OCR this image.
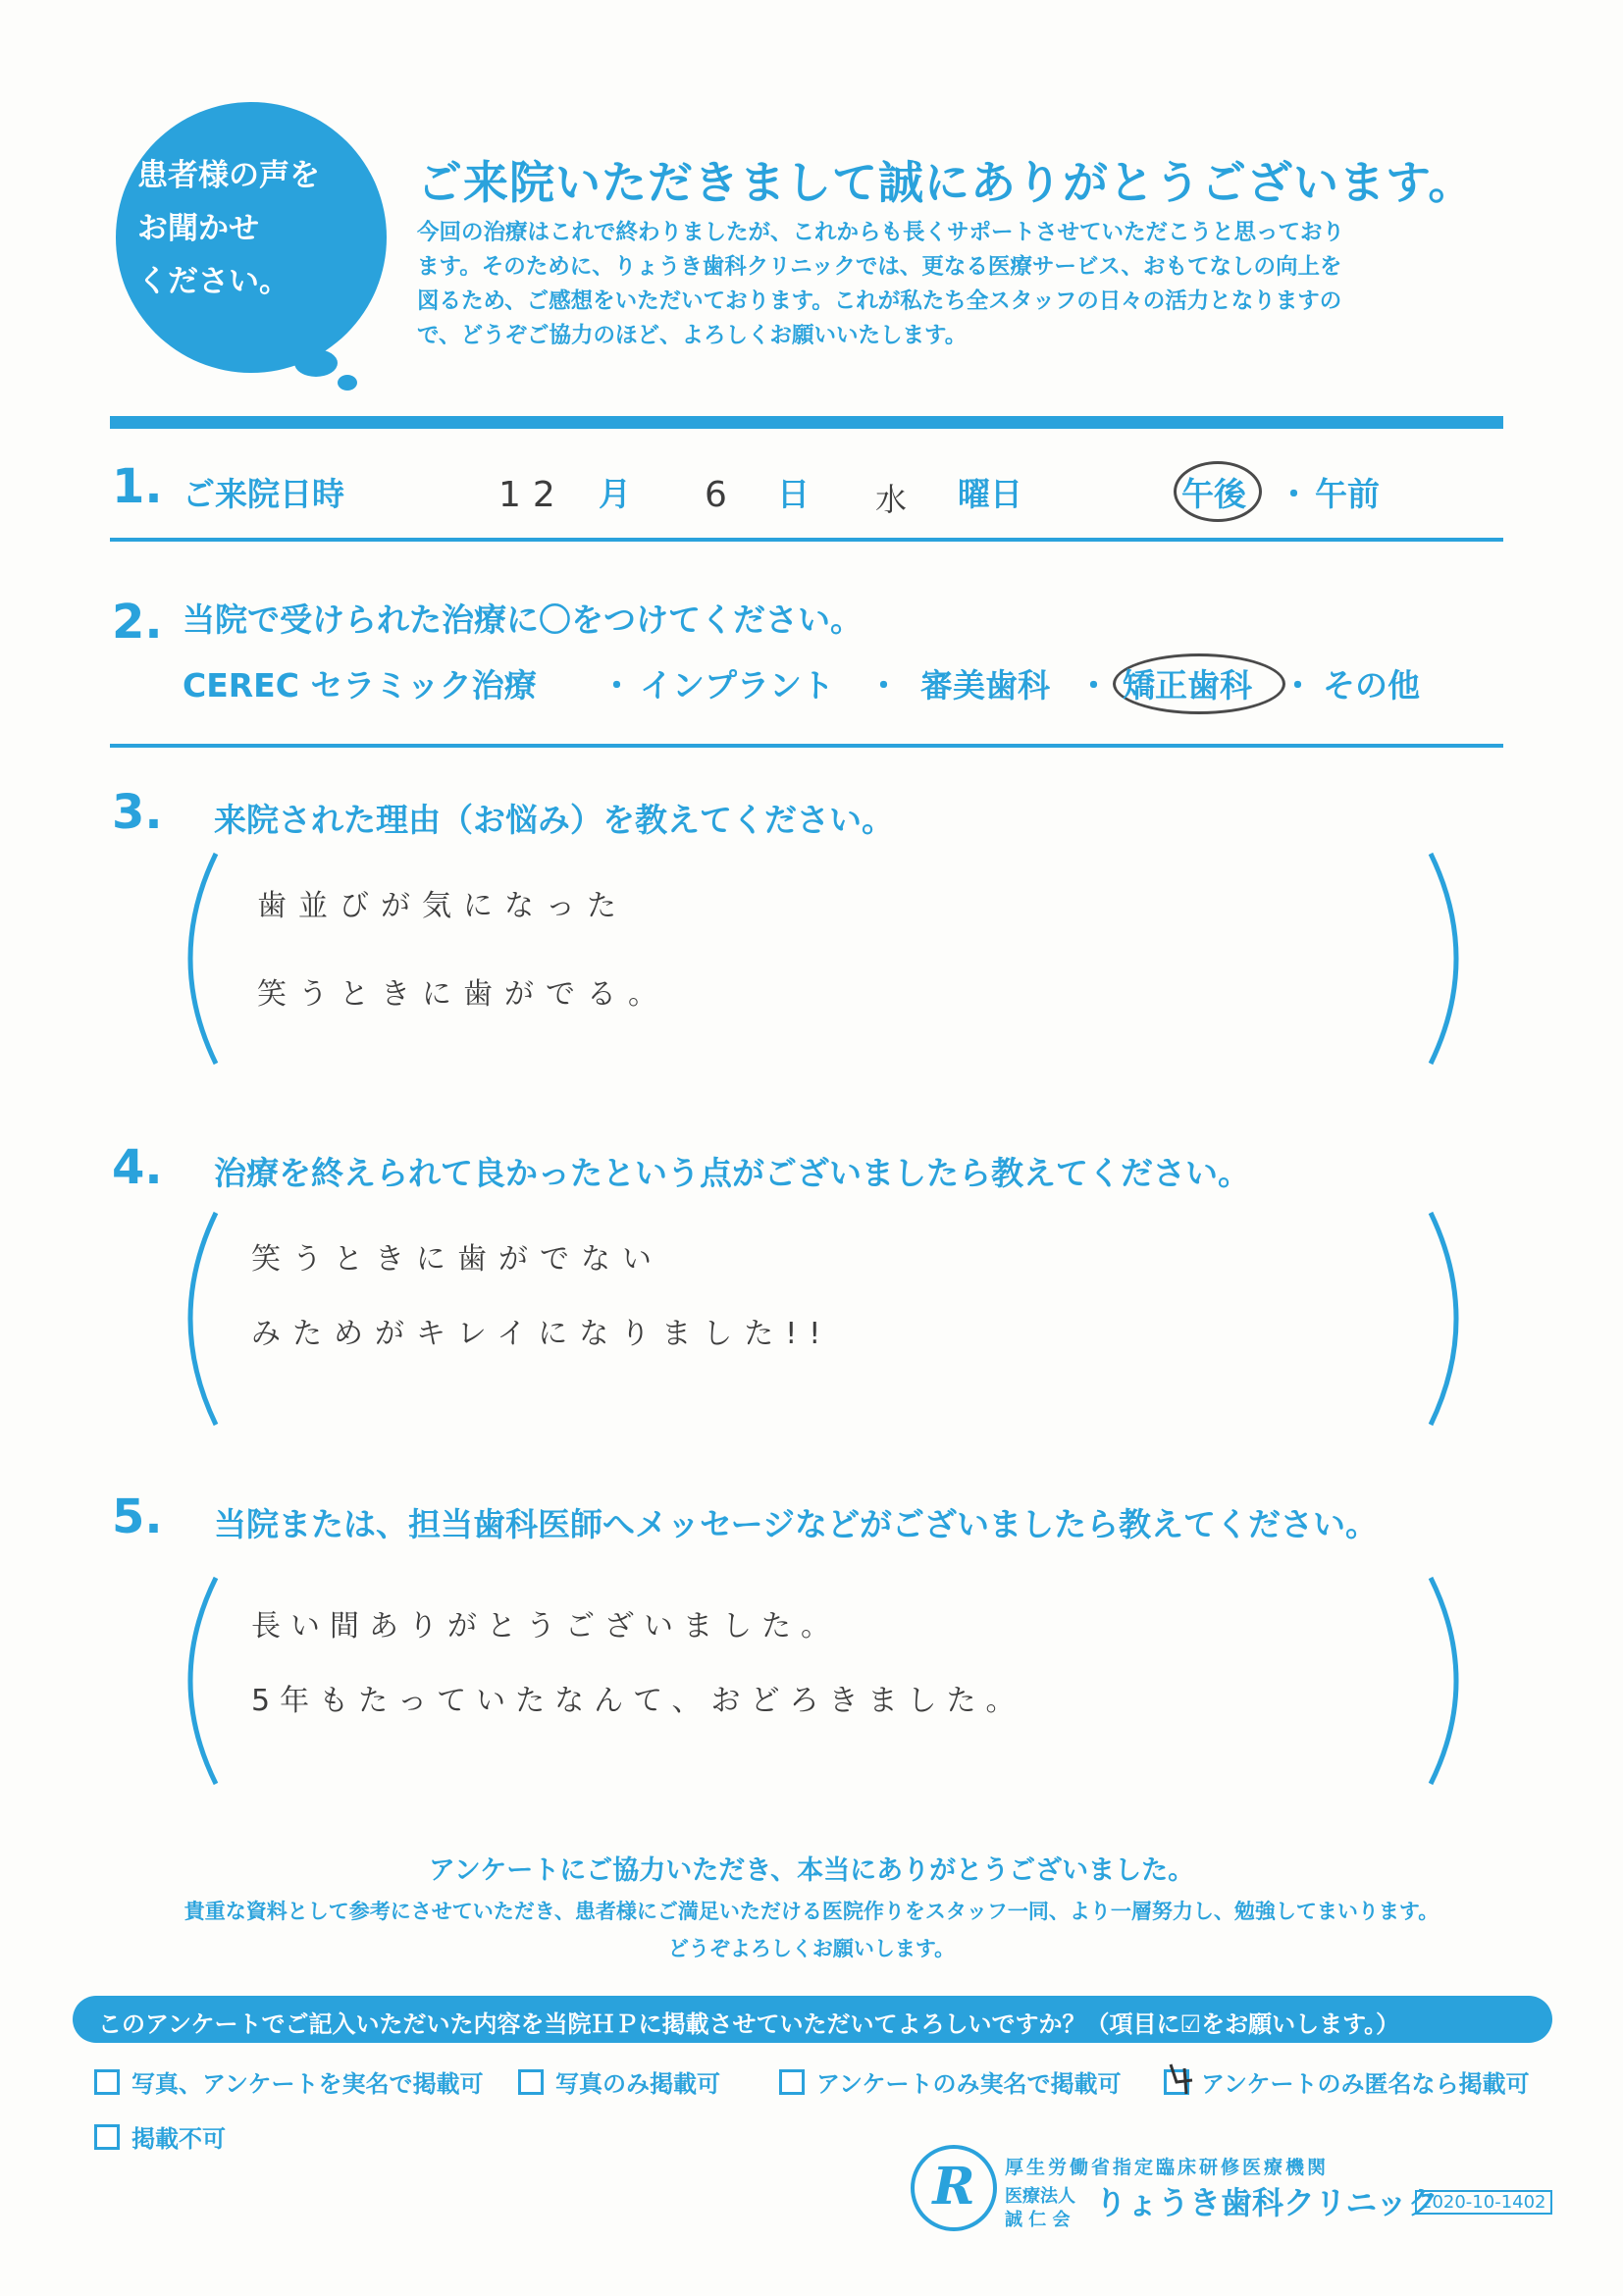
患者様の声を
お聞かせ
ください。
ご来院いただきまして誠にありがとうございます。
今回の治療はこれで終わりましたが、これからも長くサポートさせていただこうと思っており
ます。そのために、りょうき歯科クリニックでは、更なる医療サービス、おもてなしの向上を
図るため、ご感想をいただいております。これが私たち全スタッフの日々の活力となりますの
で、どうぞご協力のほど、よろしくお願いいたします。
1. ご来院日時	12 月 6 日 水 曜日	午後 ・ 午前
2. 当院で受けられた治療に〇をつけてください。
CEREC セラミック治療 ・ インプラント ・ 審美歯科 ・ 矯正歯科 ・ その他
3. 来院された理由（お悩み）を教えてください。
歯並びが気になった
笑うときに歯がでる。
4. 治療を終えられて良かったという点がございましたら教えてください。
笑うときに歯がでない
みためがキレイになりました!!
5. 当院または、担当歯科医師へメッセージなどがございましたら教えてください。
長い間ありがとうございました。
5年もたっていたなんて、おどろきました。
アンケートにご協力いただき、本当にありがとうございました。
貴重な資料として参考にさせていただき、患者様にご満足いただける医院作りをスタッフ一同、より一層努力し、勉強してまいります。
どうぞよろしくお願いします。
このアンケートでご記入いただいた内容を当院ＨＰに掲載させていただいてよろしいですか？（項目に☑をお願いします。）
写真、アンケートを実名で掲載可	写真のみ掲載可	アンケートのみ実名で掲載可	アンケートのみ匿名なら掲載可
掲載不可
R	厚生労働省指定臨床研修医療機関
医療法人
誠 仁 会 りょうき歯科クリニック
2020-10-1402
